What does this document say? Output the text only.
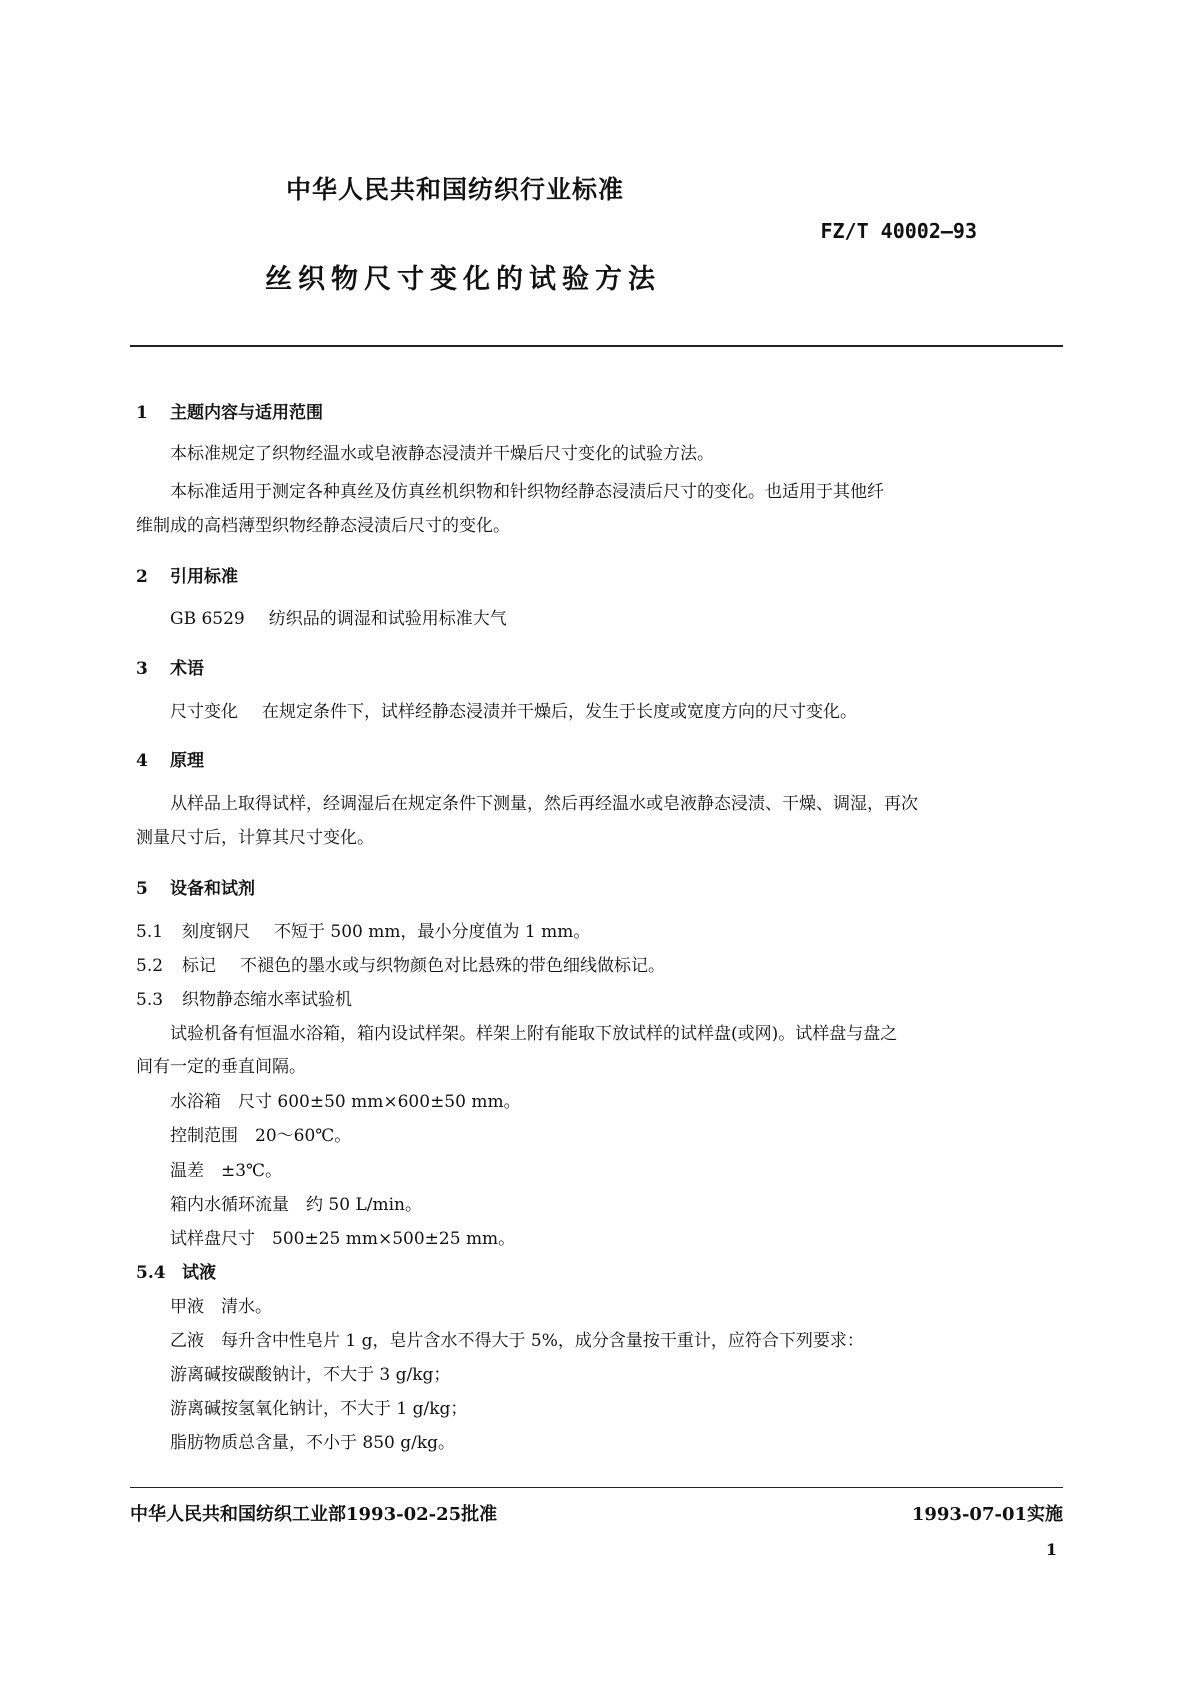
中华人民共和国纺织行业标准
FZ/T 40002—93
丝织物尺寸变化的试验方法
1 主题内容与适用范围
本标准规定了织物经温水或皂液静态浸渍并干燥后尺寸变化的试验方法。
本标准适用于测定各种真丝及仿真丝机织物和针织物经静态浸渍后尺寸的变化。也适用于其他纤
维制成的高档薄型织物经静态浸渍后尺寸的变化。
2 引用标准
GB 6529 纺织品的调湿和试验用标准大气
3 术语
尺寸变化 在规定条件下，试样经静态浸渍并干燥后，发生于长度或宽度方向的尺寸变化。
4 原理
从样品上取得试样，经调湿后在规定条件下测量，然后再经温水或皂液静态浸渍、干燥、调湿，再次
测量尺寸后，计算其尺寸变化。
5 设备和试剂
5.1 刻度钢尺 不短于 500 mm，最小分度值为 1 mm。
5.2 标记 不褪色的墨水或与织物颜色对比悬殊的带色细线做标记。
5.3 织物静态缩水率试验机
试验机备有恒温水浴箱，箱内设试样架。样架上附有能取下放试样的试样盘(或网)。试样盘与盘之
间有一定的垂直间隔。
水浴箱　尺寸 600±50 mm×600±50 mm。
控制范围　20～60℃。
温差　±3℃。
箱内水循环流量　约 50 L/min。
试样盘尺寸　500±25 mm×500±25 mm。
5.4 试液
甲液　清水。
乙液　每升含中性皂片 1 g，皂片含水不得大于 5%，成分含量按干重计，应符合下列要求：
游离碱按碳酸钠计，不大于 3 g/kg；
游离碱按氢氧化钠计，不大于 1 g/kg；
脂肪物质总含量，不小于 850 g/kg。
中华人民共和国纺织工业部1993-02-25批准	1993-07-01实施
1
